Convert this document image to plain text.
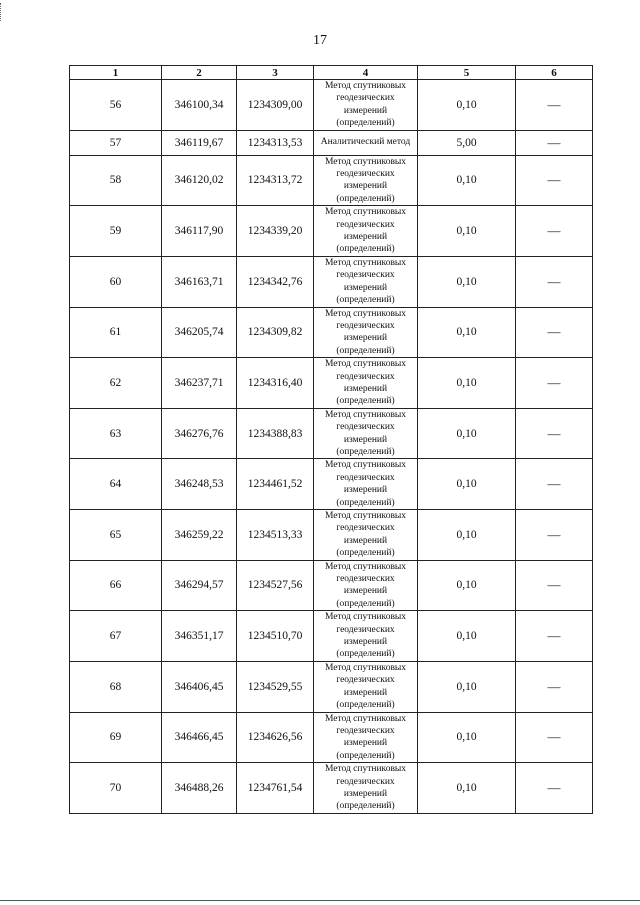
17
1	2	3	4	5	6
56	346100,34	1234309,00	Метод спутниковых геодезических измерений (определений)	0,10	—
57	346119,67	1234313,53	Аналитический метод	5,00	—
58	346120,02	1234313,72	Метод спутниковых геодезических измерений (определений)	0,10	—
59	346117,90	1234339,20	Метод спутниковых геодезических измерений (определений)	0,10	—
60	346163,71	1234342,76	Метод спутниковых геодезических измерений (определений)	0,10	—
61	346205,74	1234309,82	Метод спутниковых геодезических измерений (определений)	0,10	—
62	346237,71	1234316,40	Метод спутниковых геодезических измерений (определений)	0,10	—
63	346276,76	1234388,83	Метод спутниковых геодезических измерений (определений)	0,10	—
64	346248,53	1234461,52	Метод спутниковых геодезических измерений (определений)	0,10	—
65	346259,22	1234513,33	Метод спутниковых геодезических измерений (определений)	0,10	—
66	346294,57	1234527,56	Метод спутниковых геодезических измерений (определений)	0,10	—
67	346351,17	1234510,70	Метод спутниковых геодезических измерений (определений)	0,10	—
68	346406,45	1234529,55	Метод спутниковых геодезических измерений (определений)	0,10	—
69	346466,45	1234626,56	Метод спутниковых геодезических измерений (определений)	0,10	—
70	346488,26	1234761,54	Метод спутниковых геодезических измерений (определений)	0,10	—
